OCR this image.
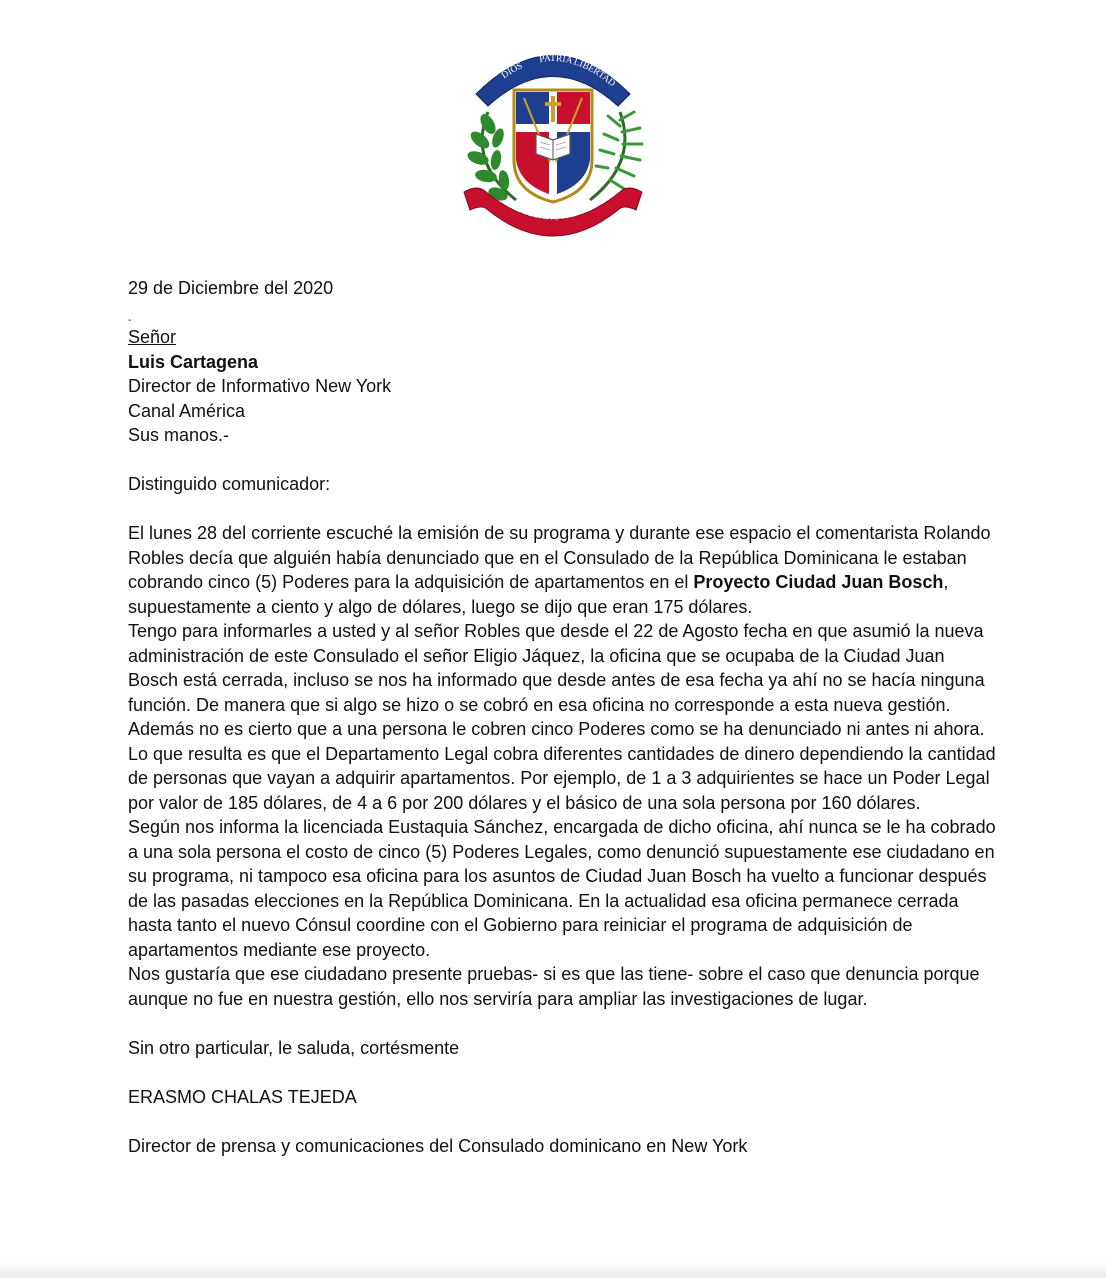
DIOS
PATRIA
LIBERTAD
REPUBLICA DOMINICANA

29 de Diciembre del 2020

-

Señor

Luis Cartagena

Director de Informativo New York

Canal América

Sus manos.-

Distinguido comunicador:

El lunes 28 del corriente escuché la emisión de su programa y durante ese espacio el comentarista Rolando Robles decía que alguién había denunciado que en el Consulado de la República Dominicana le estaban cobrando cinco (5) Poderes para la adquisición de apartamentos en el Proyecto Ciudad Juan Bosch, supuestamente a ciento y algo de dólares, luego se dijo que eran 175 dólares.

Tengo para informarles a usted y al señor Robles que desde el 22 de Agosto fecha en que asumió la nueva administración de este Consulado el señor Eligio Jáquez, la oficina que se ocupaba de la Ciudad Juan Bosch está cerrada, incluso se nos ha informado que desde antes de esa fecha ya ahí no se hacía ninguna función. De manera que si algo se hizo o se cobró en esa oficina no corresponde a esta nueva gestión.

Además no es cierto que a una persona le cobren cinco Poderes como se ha denunciado ni antes ni ahora. Lo que resulta es que el Departamento Legal cobra diferentes cantidades de dinero dependiendo la cantidad de personas que vayan a adquirir apartamentos. Por ejemplo, de 1 a 3 adquirientes se hace un Poder Legal por valor de 185 dólares, de 4 a 6 por 200 dólares y el básico de una sola persona por 160 dólares.

Según nos informa la licenciada Eustaquia Sánchez, encargada de dicho oficina, ahí nunca se le ha cobrado a una sola persona el costo de cinco (5) Poderes Legales, como denunció supuestamente ese ciudadano en su programa, ni tampoco esa oficina para los asuntos de Ciudad Juan Bosch ha vuelto a funcionar después de las pasadas elecciones en la República Dominicana. En la actualidad esa oficina permanece cerrada hasta tanto el nuevo Cónsul coordine con el Gobierno para reiniciar el programa de adquisición de apartamentos mediante ese proyecto.

Nos gustaría que ese ciudadano presente pruebas- si es que las tiene- sobre el caso que denuncia porque aunque no fue en nuestra gestión, ello nos serviría para ampliar las investigaciones de lugar.

Sin otro particular, le saluda, cortésmente

ERASMO CHALAS TEJEDA

Director de prensa y comunicaciones del Consulado dominicano en New York
